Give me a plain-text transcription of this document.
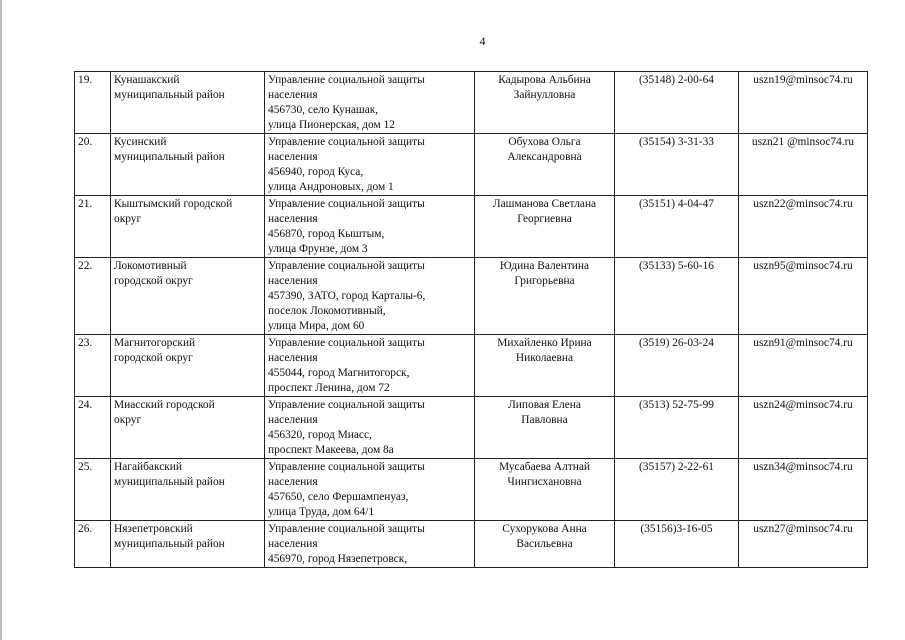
4
19.	Кунашакский
муниципальный район	Управление социальной защиты
населения
456730, село Кунашак,
улица Пионерская, дом 12	Кадырова Альбина
Зайнулловна	(35148) 2-00-64	uszn19@minsoc74.ru
20.	Кусинский
муниципальный район	Управление социальной защиты
населения
456940, город Куса,
улица Андроновых, дом 1	Обухова Ольга
Александровна	(35154) 3-31-33	uszn21 @minsoc74.ru
21.	Кыштымский городской
округ	Управление социальной защиты
населения
456870, город Кыштым,
улица Фрунзе, дом 3	Лашманова Светлана
Георгиевна	(35151) 4-04-47	uszn22@minsoc74.ru
22.	Локомотивный
городской округ	Управление социальной защиты
населения
457390, ЗАТО, город Карталы-6,
поселок Локомотивный,
улица Мира, дом 60	Юдина Валентина
Григорьевна	(35133) 5-60-16	uszn95@minsoc74.ru
23.	Магнитогорский
городской округ	Управление социальной защиты
населения
455044, город Магнитогорск,
проспект Ленина, дом 72	Михайленко Ирина
Николаевна	(3519) 26-03-24	uszn91@minsoc74.ru
24.	Миасский городской
округ	Управление социальной защиты
населения
456320, город Миасс,
проспект Макеева, дом 8а	Липовая Елена
Павловна	(3513) 52-75-99	uszn24@minsoc74.ru
25.	Нагайбакский
муниципальный район	Управление социальной защиты
населения
457650, село Фершампенуаз,
улица Труда, дом 64/1	Мусабаева Алтнай
Чингисхановна	(35157) 2-22-61	uszn34@minsoc74.ru
26.	Нязепетровский
муниципальный район	Управление социальной защиты
населения
456970, город Нязепетровск,	Сухорукова Анна
Васильевна	(35156)3-16-05	uszn27@minsoc74.ru
